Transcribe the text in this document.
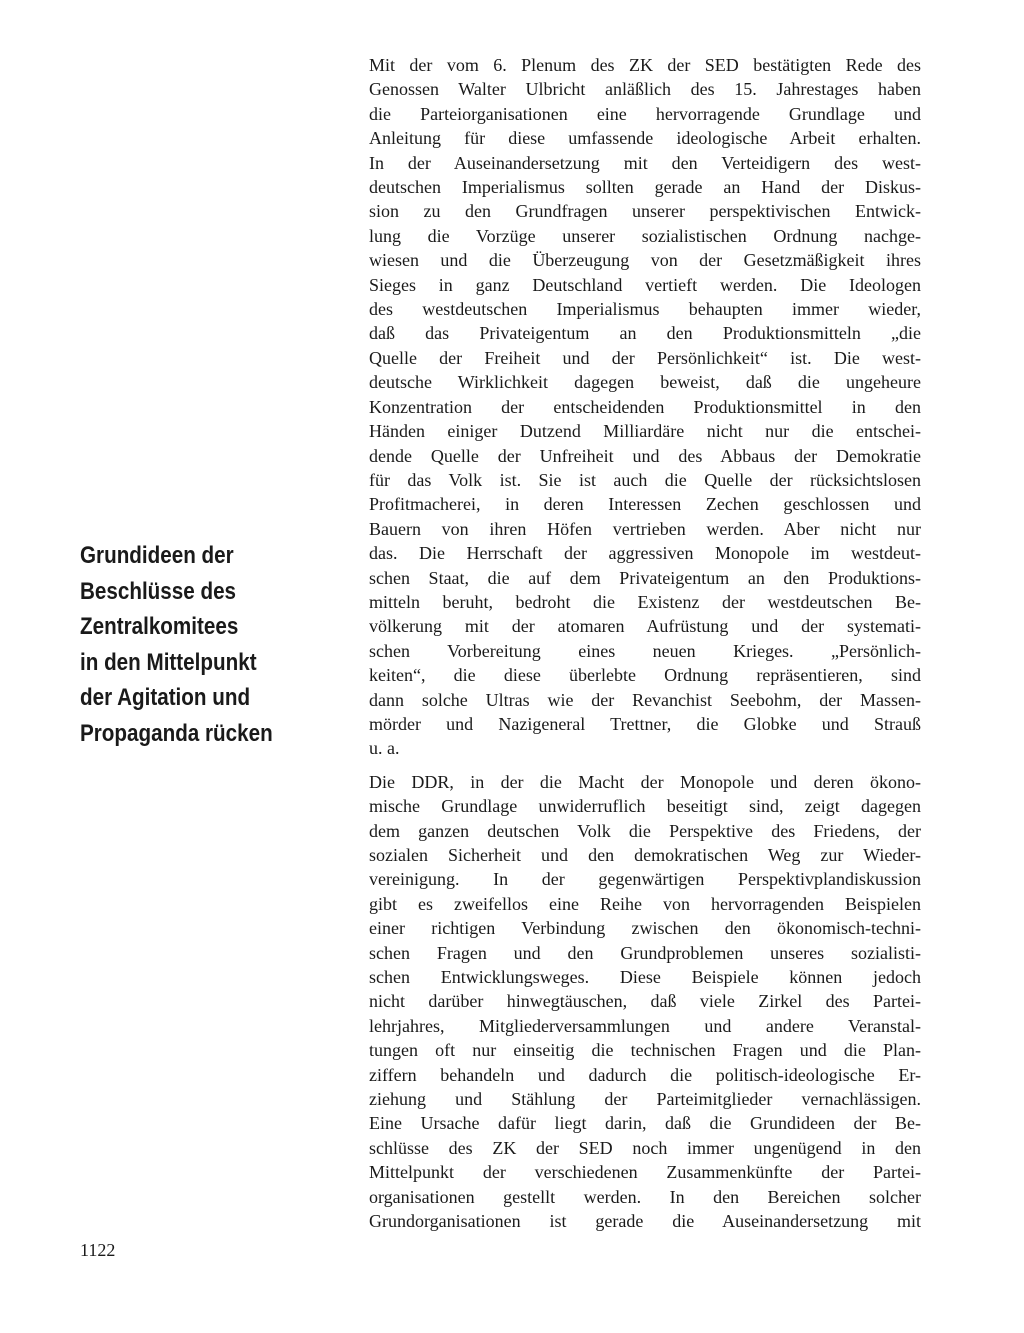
Grundideen der
Beschlüsse des
Zentralkomitees
in den Mittelpunkt
der Agitation und
Propaganda rücken

Mit der vom 6. Plenum des ZK der SED bestätigten Rede des
Genossen Walter Ulbricht anläßlich des 15. Jahrestages haben
die Parteiorganisationen eine hervorragende Grundlage und
Anleitung für diese umfassende ideologische Arbeit erhalten.
In der Auseinandersetzung mit den Verteidigern des west-
deutschen Imperialismus sollten gerade an Hand der Diskus-
sion zu den Grundfragen unserer perspektivischen Entwick-
lung die Vorzüge unserer sozialistischen Ordnung nachge-
wiesen und die Überzeugung von der Gesetzmäßigkeit ihres
Sieges in ganz Deutschland vertieft werden. Die Ideologen
des westdeutschen Imperialismus behaupten immer wieder,
daß das Privateigentum an den Produktionsmitteln „die
Quelle der Freiheit und der Persönlichkeit“ ist. Die west-
deutsche Wirklichkeit dagegen beweist, daß die ungeheure
Konzentration der entscheidenden Produktionsmittel in den
Händen einiger Dutzend Milliardäre nicht nur die entschei-
dende Quelle der Unfreiheit und des Abbaus der Demokratie
für das Volk ist. Sie ist auch die Quelle der rücksichtslosen
Profitmacherei, in deren Interessen Zechen geschlossen und
Bauern von ihren Höfen vertrieben werden. Aber nicht nur
das. Die Herrschaft der aggressiven Monopole im westdeut-
schen Staat, die auf dem Privateigentum an den Produktions-
mitteln beruht, bedroht die Existenz der westdeutschen Be-
völkerung mit der atomaren Aufrüstung und der systemati-
schen Vorbereitung eines neuen Krieges. „Persönlich-
keiten“, die diese überlebte Ordnung repräsentieren, sind
dann solche Ultras wie der Revanchist Seebohm, der Massen-
mörder und Nazigeneral Trettner, die Globke und Strauß
u. a.

Die DDR, in der die Macht der Monopole und deren ökono-
mische Grundlage unwiderruflich beseitigt sind, zeigt dagegen
dem ganzen deutschen Volk die Perspektive des Friedens, der
sozialen Sicherheit und den demokratischen Weg zur Wieder-
vereinigung. In der gegenwärtigen Perspektivplandiskussion
gibt es zweifellos eine Reihe von hervorragenden Beispielen
einer richtigen Verbindung zwischen den ökonomisch-techni-
schen Fragen und den Grundproblemen unseres sozialisti-
schen Entwicklungsweges. Diese Beispiele können jedoch
nicht darüber hinwegtäuschen, daß viele Zirkel des Partei-
lehrjahres, Mitgliederversammlungen und andere Veranstal-
tungen oft nur einseitig die technischen Fragen und die Plan-
ziffern behandeln und dadurch die politisch-ideologische Er-
ziehung und Stählung der Parteimitglieder vernachlässigen.
Eine Ursache dafür liegt darin, daß die Grundideen der Be-
schlüsse des ZK der SED noch immer ungenügend in den
Mittelpunkt der verschiedenen Zusammenkünfte der Partei-
organisationen gestellt werden. In den Bereichen solcher
Grundorganisationen ist gerade die Auseinandersetzung mit

1122
